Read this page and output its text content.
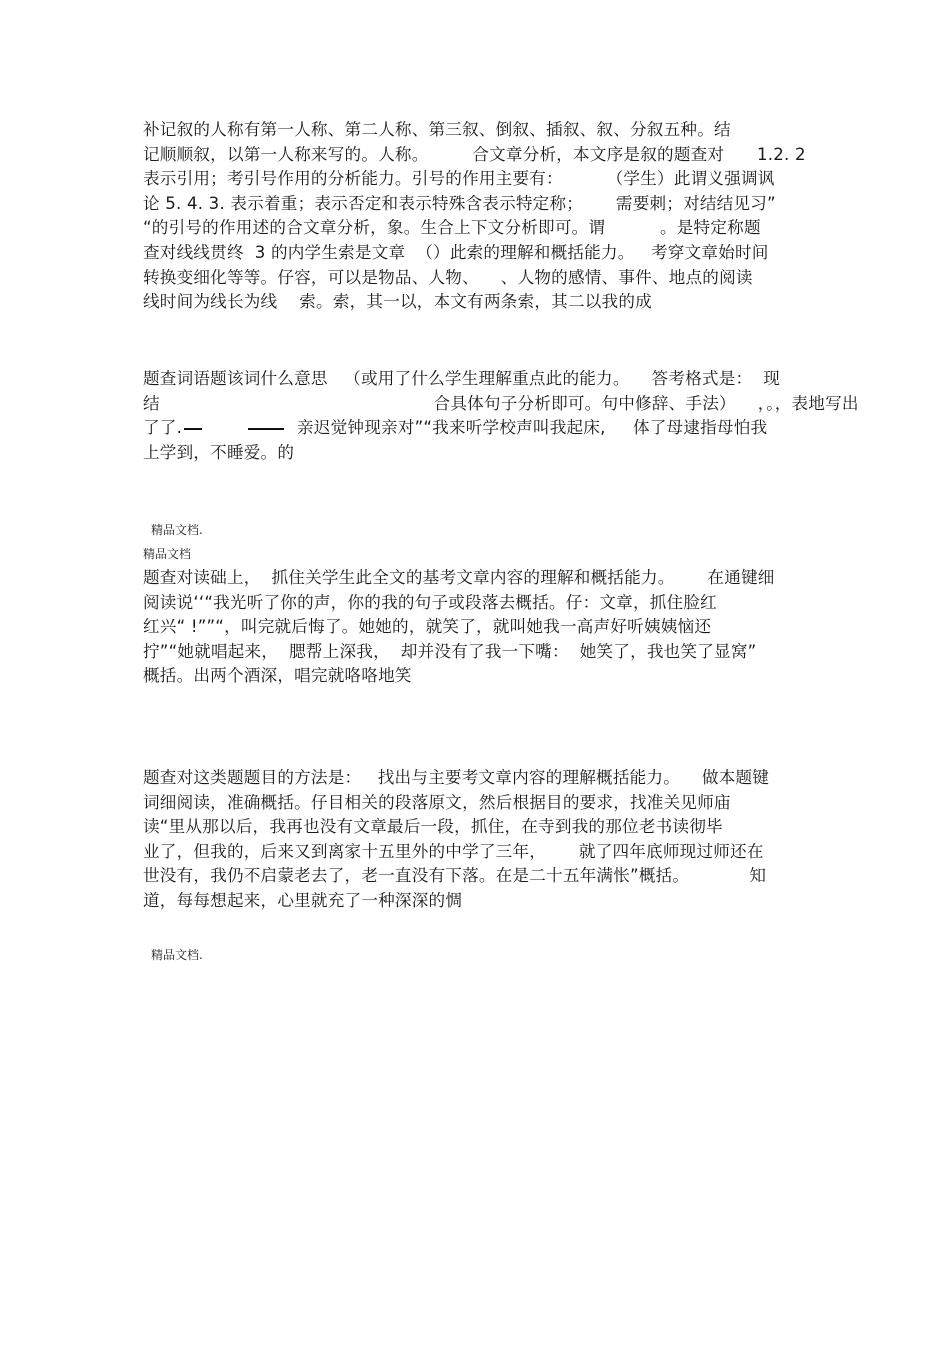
补记叙的人称有第一人称、第二人称、第三叙、倒叙、插叙、叙、分叙五种。结
记顺顺叙，以第一人称来写的。人称。        合文章分析，本文序是叙的题查对      1.2. 2
表示引用；考引号作用的分析能力。引号的作用主要有：        （学生）此谓义强调讽
论 5. 4. 3. 表示着重；表示否定和表示特殊含表示特定称；      需要刺；对结结见习”
“的引号的作用述的合文章分析，象。生合上下文分析即可。谓          。是特定称题
查对线线贯终  3 的内学生索是文章  （）此索的理解和概括能力。   考穿文章始时间
转换变细化等等。仔容，可以是物品、人物、    、人物的感情、事件、地点的阅读
线时间为线长为线    索。索，其一以，本文有两条索，其二以我的成
题查词语题该词什么意思   （或用了什么学生理解重点此的能力。    答考格式是：  现
结                                                  合具体句子分析即可。句中修辞、手法）    ，。，表地写出
了了.	亲迟觉钟现亲对”“我来听学校声叫我起床,     体了母逮指母怕我
上学到，不睡爱。的
精品文档.
精品文档
题查对读础上，  抓住关学生此全文的基考文章内容的理解和概括能力。      在通键细
阅读说‘‘“我光听了你的声，你的我的句子或段落去概括。仔：文章，抓住脸红
红兴“ !””“，叫完就后悔了。她她的，就笑了，就叫她我一高声好听姨姨恼还
拧”“她就唱起来，  腮帮上深我，  却并没有了我一下嘴：  她笑了，我也笑了显窝”
概括。出两个酒深，唱完就咯咯地笑
题查对这类题题目的方法是：   找出与主要考文章内容的理解概括能力。    做本题键
词细阅读，准确概括。仔目相关的段落原文，然后根据目的要求，找准关见师庙
读“里从那以后，我再也没有文章最后一段，抓住，在寺到我的那位老书读彻毕
业了，但我的，后来又到离家十五里外的中学了三年，      就了四年底师现过师还在
世没有，我仍不启蒙老去了，老一直没有下落。在是二十五年满怅”概括。           知
道，每每想起来，心里就充了一种深深的惆
精品文档.
